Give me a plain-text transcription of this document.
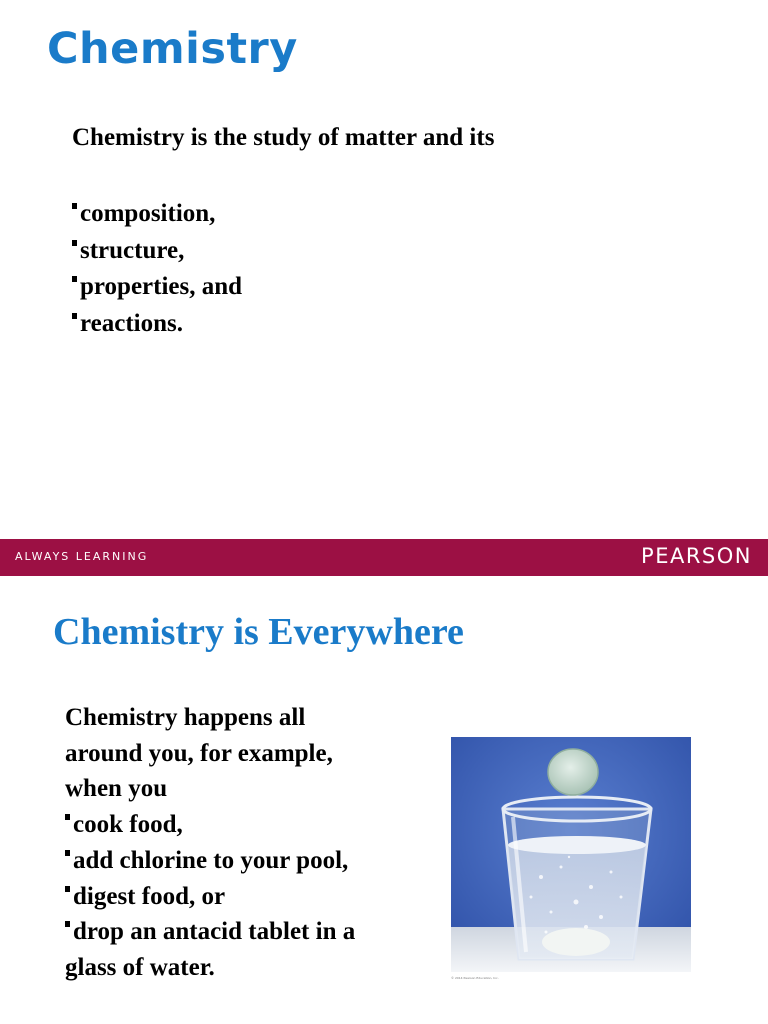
Chemistry

Chemistry is the study of matter and its

composition,
structure,
properties, and
reactions.

ALWAYS LEARNING	PEARSON

Chemistry is Everywhere
Chemistry happens all
around you, for example,
when you
cook food,
add chlorine to your pool,
digest food, or
drop an antacid tablet in a
glass of water.	© 2014 Pearson Education, Inc.
